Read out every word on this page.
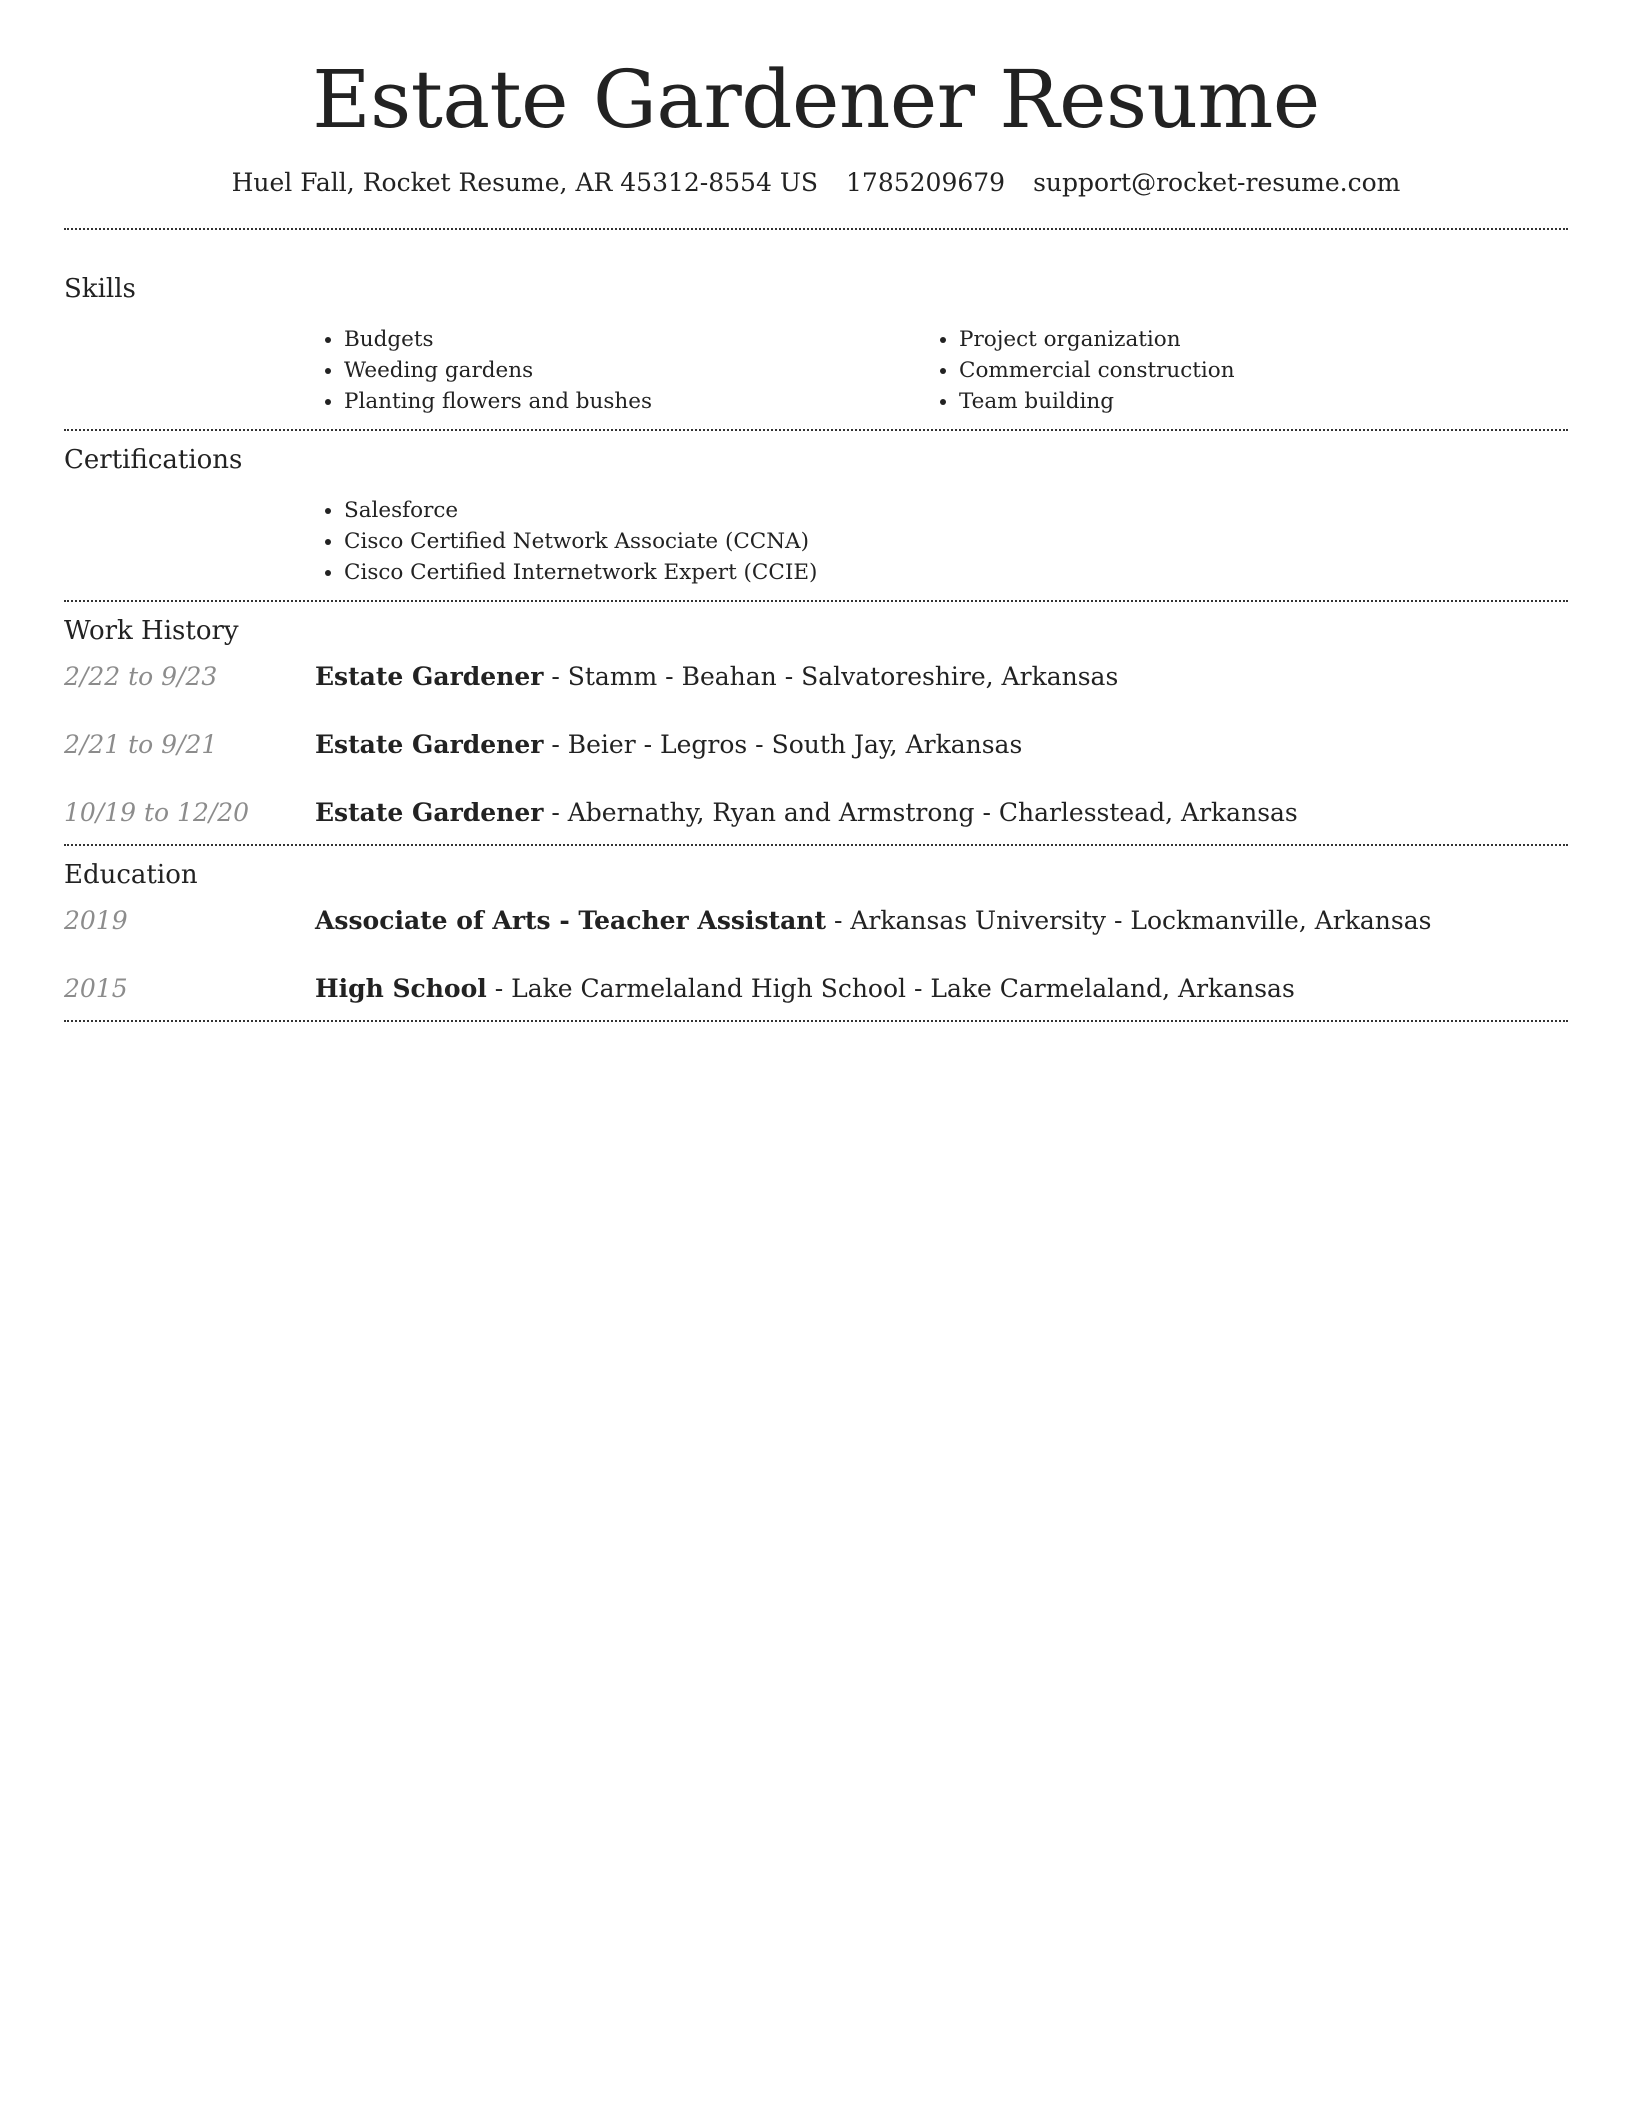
Estate Gardener Resume
Huel Fall, Rocket Resume, AR 45312-8554 US 1785209679 support@rocket-resume.com
Skills
• Budgets
• Weeding gardens
• Planting flowers and bushes
• Project organization
• Commercial construction
• Team building
Certifications
• Salesforce
• Cisco Certified Network Associate (CCNA)
• Cisco Certified Internetwork Expert (CCIE)
Work History
2/22 to 9/23	Estate Gardener - Stamm - Beahan - Salvatoreshire, Arkansas
2/21 to 9/21	Estate Gardener - Beier - Legros - South Jay, Arkansas
10/19 to 12/20	Estate Gardener - Abernathy, Ryan and Armstrong - Charlesstead, Arkansas
Education
2019	Associate of Arts - Teacher Assistant - Arkansas University - Lockmanville, Arkansas
2015	High School - Lake Carmelaland High School - Lake Carmelaland, Arkansas
